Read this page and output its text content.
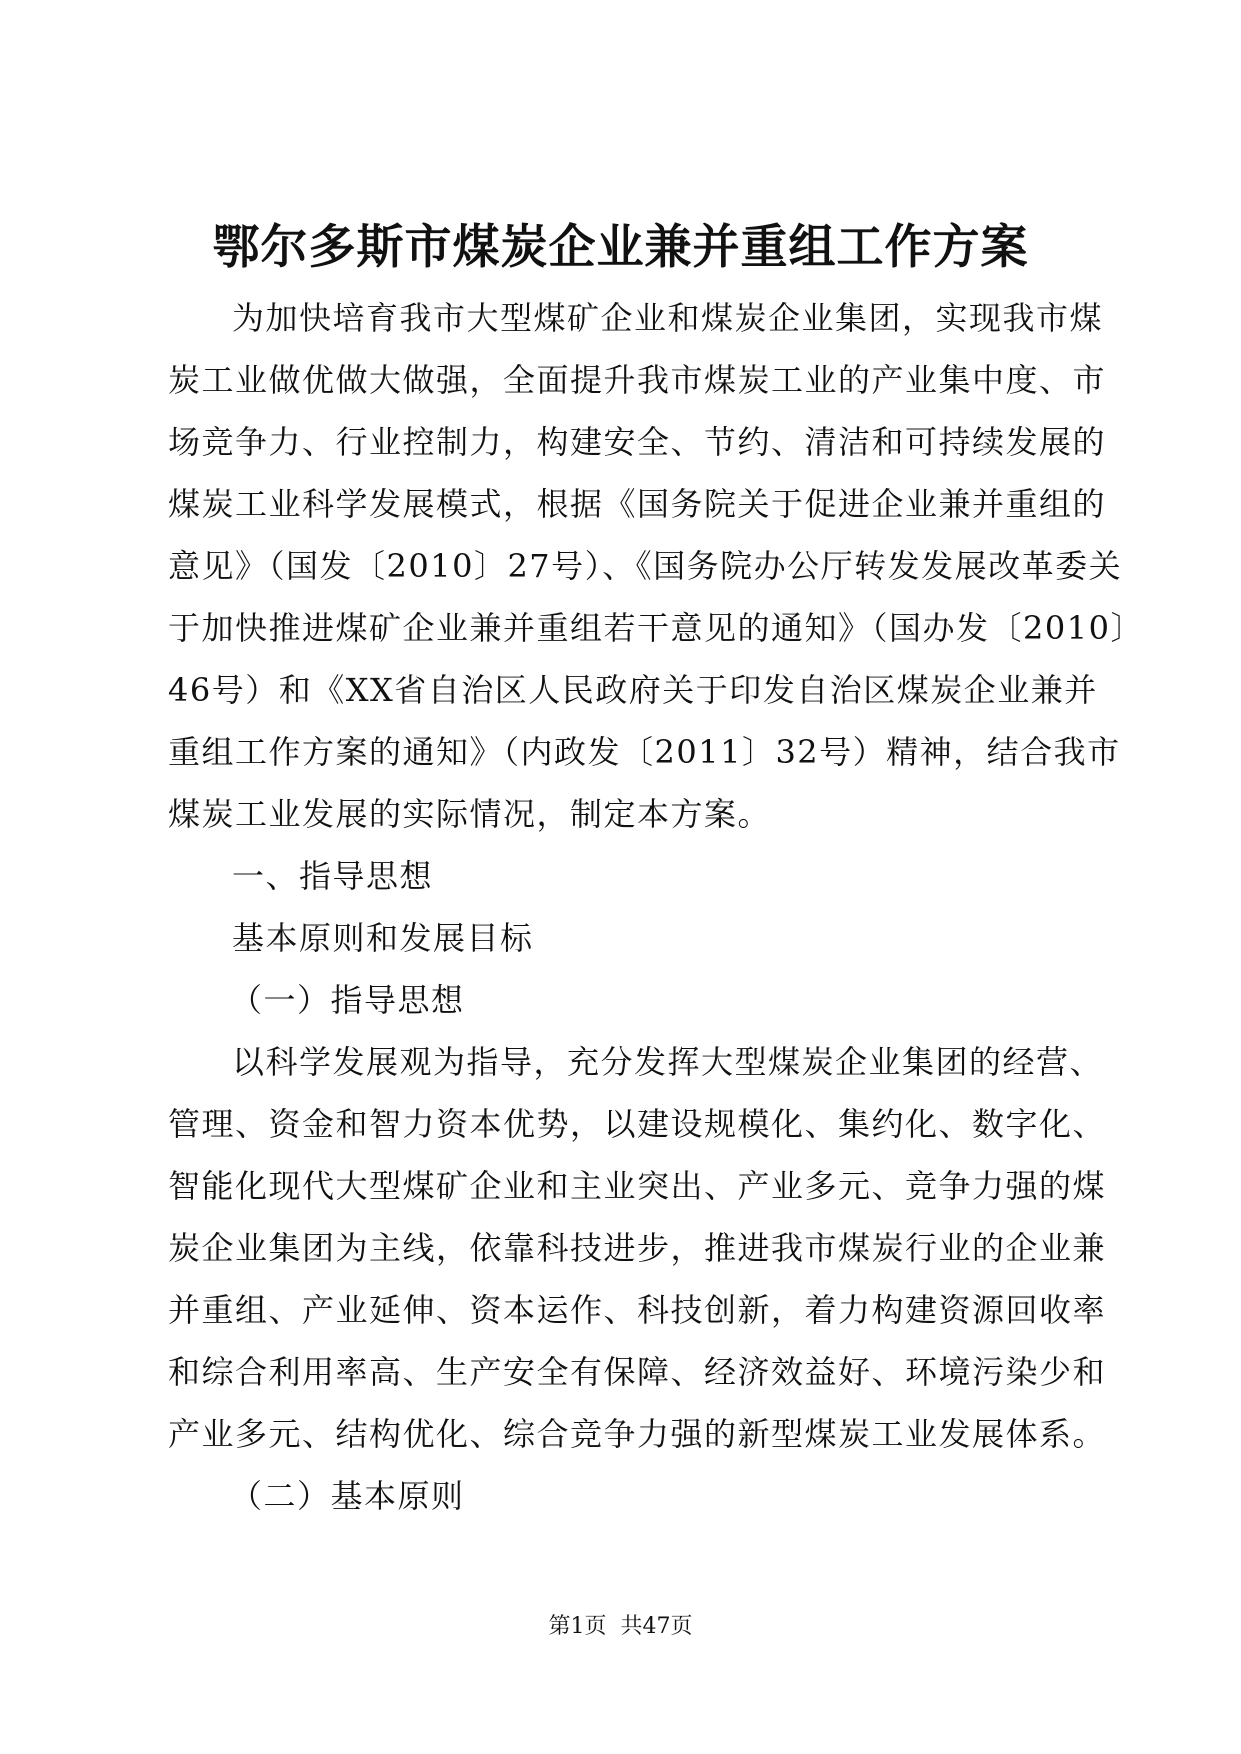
鄂尔多斯市煤炭企业兼并重组工作方案
为加快培育我市大型煤矿企业和煤炭企业集团，实现我市煤
炭工业做优做大做强，全面提升我市煤炭工业的产业集中度、市
场竞争力、行业控制力，构建安全、节约、清洁和可持续发展的
煤炭工业科学发展模式，根据《国务院关于促进企业兼并重组的
意见》（国发〔2010〕27号）、《国务院办公厅转发发展改革委关
于加快推进煤矿企业兼并重组若干意见的通知》（国办发〔2010〕
46号）和《XX省自治区人民政府关于印发自治区煤炭企业兼并
重组工作方案的通知》（内政发〔2011〕32号）精神，结合我市
煤炭工业发展的实际情况，制定本方案。
一、指导思想
基本原则和发展目标
（一）指导思想
以科学发展观为指导，充分发挥大型煤炭企业集团的经营、
管理、资金和智力资本优势，以建设规模化、集约化、数字化、
智能化现代大型煤矿企业和主业突出、产业多元、竞争力强的煤
炭企业集团为主线，依靠科技进步，推进我市煤炭行业的企业兼
并重组、产业延伸、资本运作、科技创新，着力构建资源回收率
和综合利用率高、生产安全有保障、经济效益好、环境污染少和
产业多元、结构优化、综合竞争力强的新型煤炭工业发展体系。
（二）基本原则
第1页 共47页
